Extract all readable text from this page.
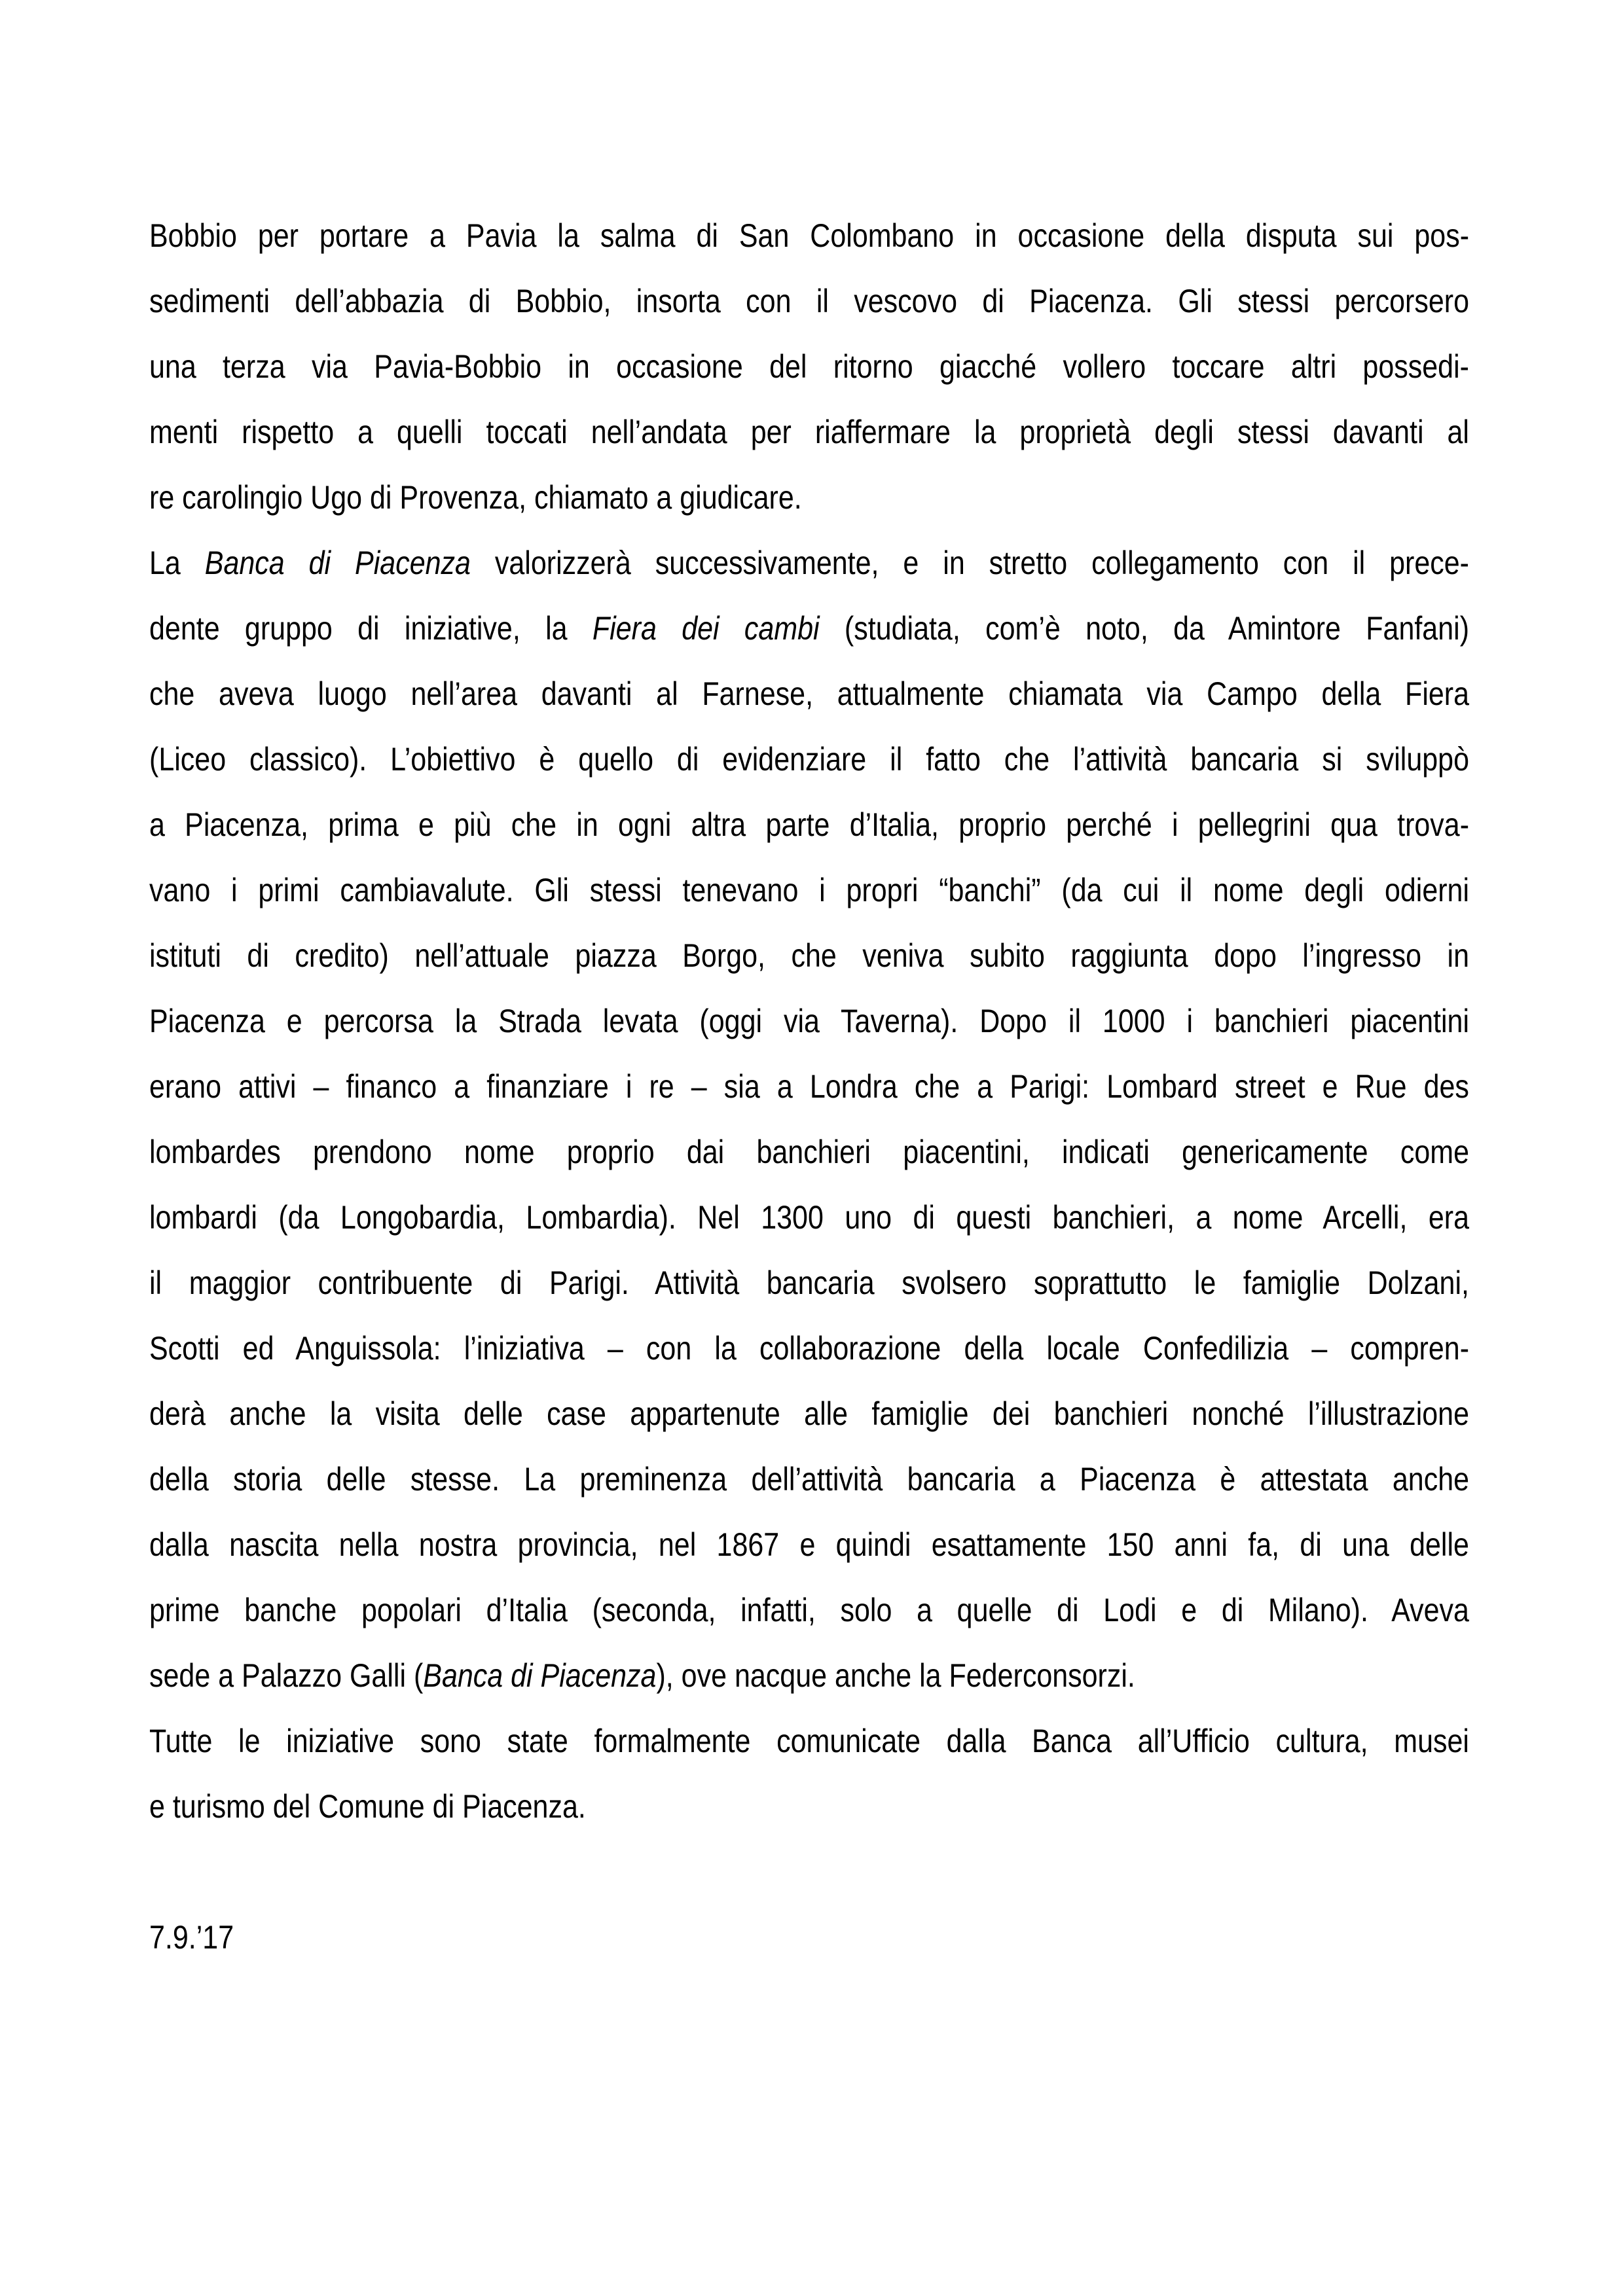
Bobbio per portare a Pavia la salma di San Colombano in occasione della disputa sui pos-
sedimenti dell’abbazia di Bobbio, insorta con il vescovo di Piacenza. Gli stessi percorsero
una terza via Pavia-Bobbio in occasione del ritorno giacché vollero toccare altri possedi-
menti rispetto a quelli toccati nell’andata per riaffermare la proprietà degli stessi davanti al
re carolingio Ugo di Provenza, chiamato a giudicare.
La Banca di Piacenza valorizzerà successivamente, e in stretto collegamento con il prece-
dente gruppo di iniziative, la Fiera dei cambi (studiata, com’è noto, da Amintore Fanfani)
che aveva luogo nell’area davanti al Farnese, attualmente chiamata via Campo della Fiera
(Liceo classico). L’obiettivo è quello di evidenziare il fatto che l’attività bancaria si sviluppò
a Piacenza, prima e più che in ogni altra parte d’Italia, proprio perché i pellegrini qua trova-
vano i primi cambiavalute. Gli stessi tenevano i propri “banchi” (da cui il nome degli odierni
istituti di credito) nell’attuale piazza Borgo, che veniva subito raggiunta dopo l’ingresso in
Piacenza e percorsa la Strada levata (oggi via Taverna). Dopo il 1000 i banchieri piacentini
erano attivi – financo a finanziare i re – sia a Londra che a Parigi: Lombard street e Rue des
lombardes prendono nome proprio dai banchieri piacentini, indicati genericamente come
lombardi (da Longobardia, Lombardia). Nel 1300 uno di questi banchieri, a nome Arcelli, era
il maggior contribuente di Parigi. Attività bancaria svolsero soprattutto le famiglie Dolzani,
Scotti ed Anguissola: l’iniziativa – con la collaborazione della locale Confedilizia – compren-
derà anche la visita delle case appartenute alle famiglie dei banchieri nonché l’illustrazione
della storia delle stesse. La preminenza dell’attività bancaria a Piacenza è attestata anche
dalla nascita nella nostra provincia, nel 1867 e quindi esattamente 150 anni fa, di una delle
prime banche popolari d’Italia (seconda, infatti, solo a quelle di Lodi e di Milano). Aveva
sede a Palazzo Galli (Banca di Piacenza), ove nacque anche la Federconsorzi.
Tutte le iniziative sono state formalmente comunicate dalla Banca all’Ufficio cultura, musei
e turismo del Comune di Piacenza.
7.9.’17
